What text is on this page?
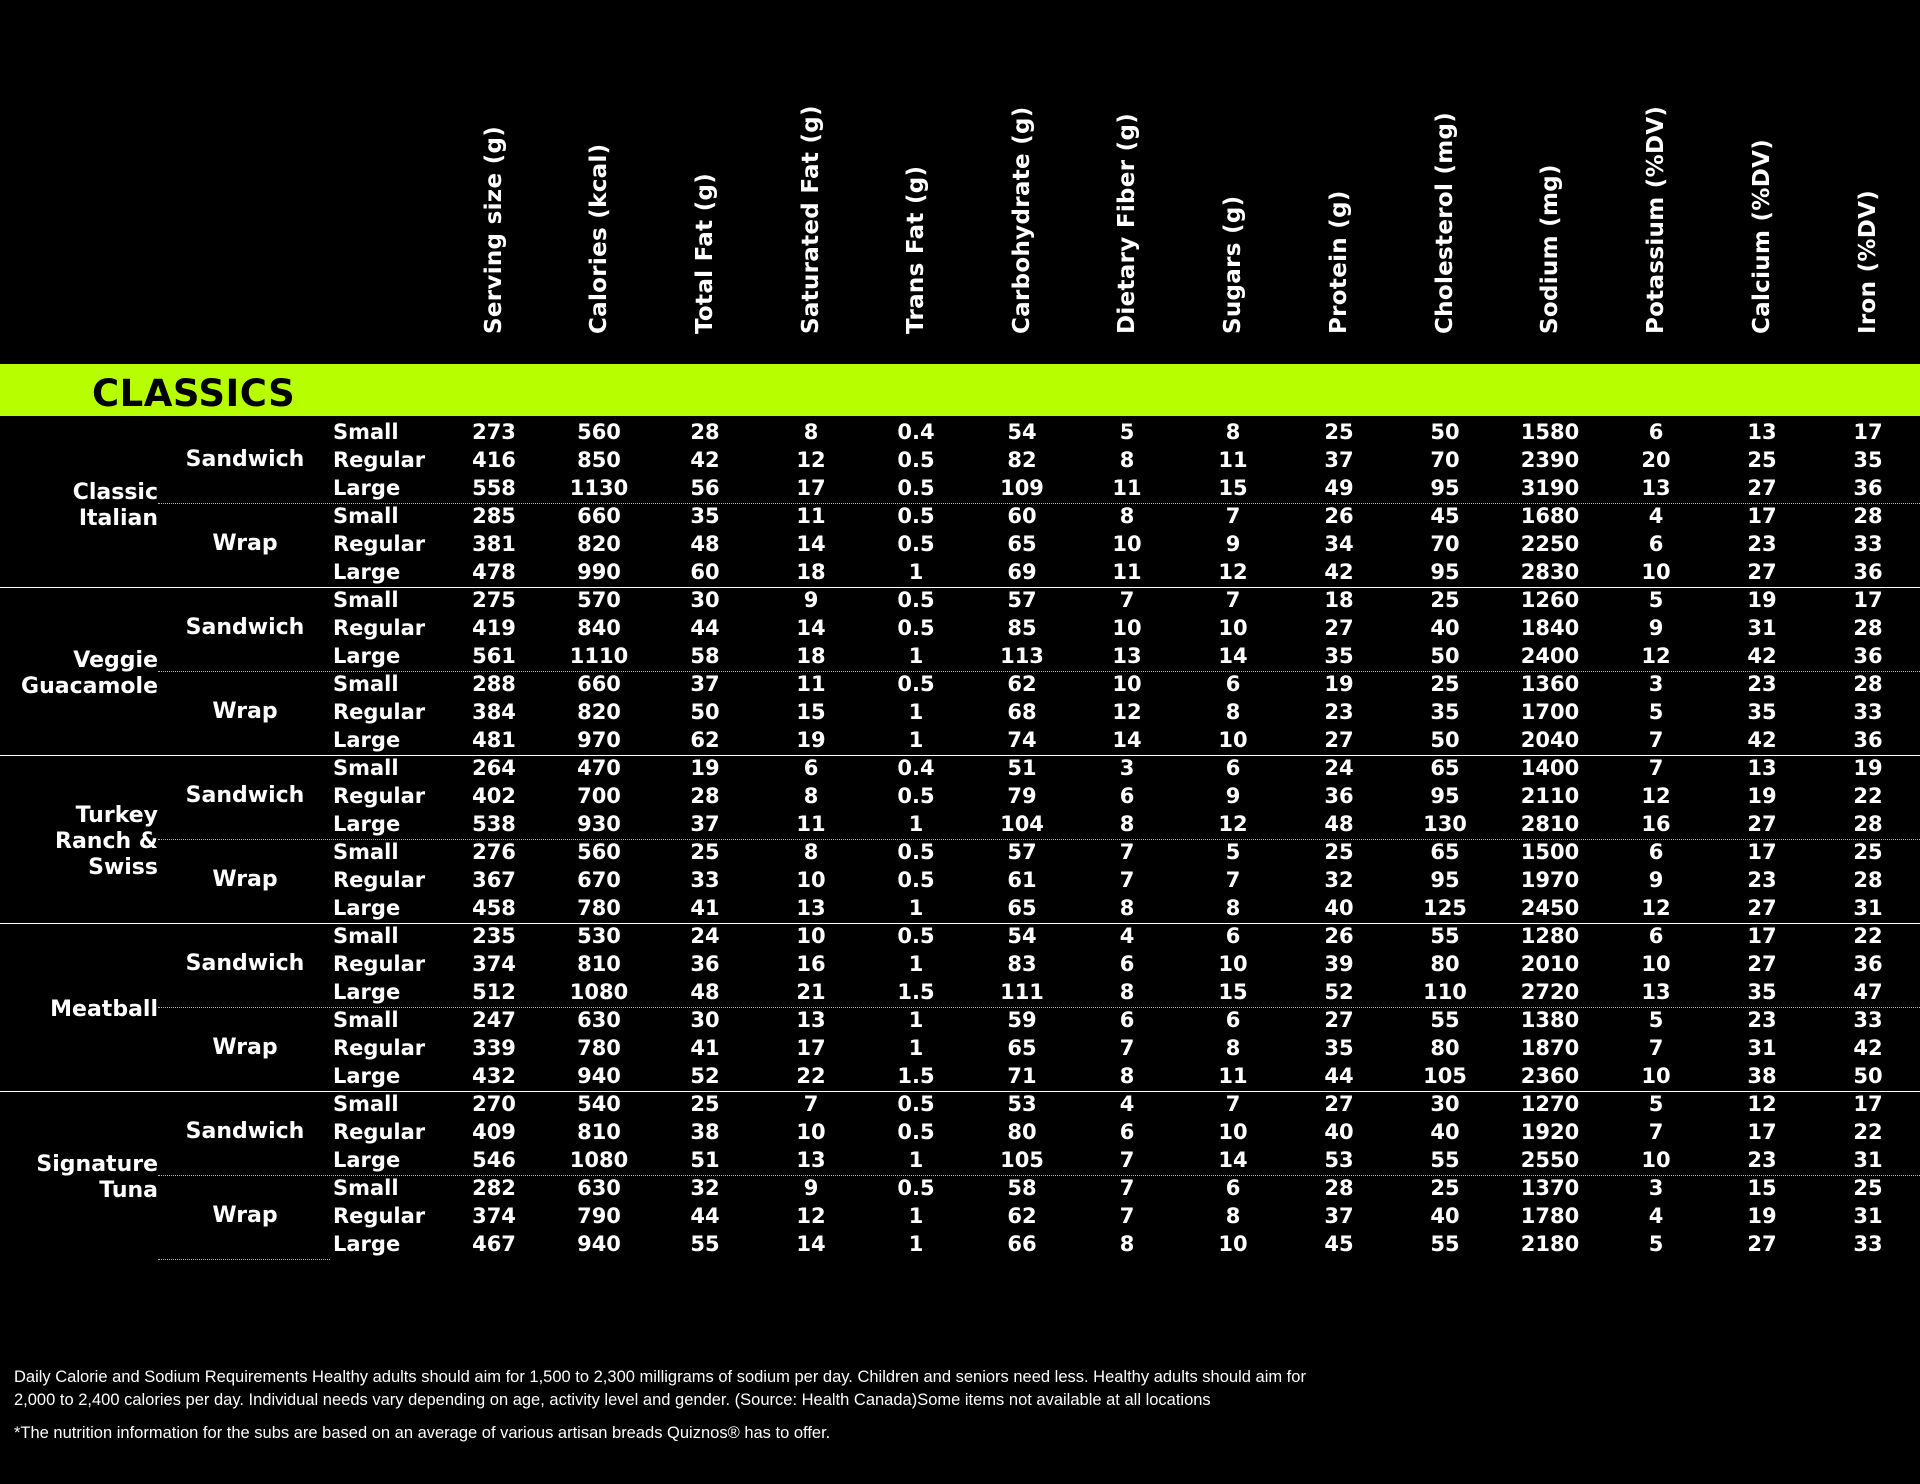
Serving size (g)	Calories (kcal)	Total Fat (g)	Saturated Fat (g)	Trans Fat (g)	Carbohydrate (g)	Dietary Fiber (g)	Sugars (g)	Protein (g)	Cholesterol (mg)	Sodium (mg)	Potassium (%DV)	Calcium (%DV)	Iron (%DV)
CLASSICS
Classic Italian
Sandwich
Small	273	560	28	8	0.4	54	5	8	25	50	1580	6	13	17
Regular	416	850	42	12	0.5	82	8	11	37	70	2390	20	25	35
Large	558	1130	56	17	0.5	109	11	15	49	95	3190	13	27	36
Wrap
Small	285	660	35	11	0.5	60	8	7	26	45	1680	4	17	28
Regular	381	820	48	14	0.5	65	10	9	34	70	2250	6	23	33
Large	478	990	60	18	1	69	11	12	42	95	2830	10	27	36
Veggie Guacamole
Sandwich
Small	275	570	30	9	0.5	57	7	7	18	25	1260	5	19	17
Regular	419	840	44	14	0.5	85	10	10	27	40	1840	9	31	28
Large	561	1110	58	18	1	113	13	14	35	50	2400	12	42	36
Wrap
Small	288	660	37	11	0.5	62	10	6	19	25	1360	3	23	28
Regular	384	820	50	15	1	68	12	8	23	35	1700	5	35	33
Large	481	970	62	19	1	74	14	10	27	50	2040	7	42	36
Turkey Ranch & Swiss
Sandwich
Small	264	470	19	6	0.4	51	3	6	24	65	1400	7	13	19
Regular	402	700	28	8	0.5	79	6	9	36	95	2110	12	19	22
Large	538	930	37	11	1	104	8	12	48	130	2810	16	27	28
Wrap
Small	276	560	25	8	0.5	57	7	5	25	65	1500	6	17	25
Regular	367	670	33	10	0.5	61	7	7	32	95	1970	9	23	28
Large	458	780	41	13	1	65	8	8	40	125	2450	12	27	31
Meatball
Sandwich
Small	235	530	24	10	0.5	54	4	6	26	55	1280	6	17	22
Regular	374	810	36	16	1	83	6	10	39	80	2010	10	27	36
Large	512	1080	48	21	1.5	111	8	15	52	110	2720	13	35	47
Wrap
Small	247	630	30	13	1	59	6	6	27	55	1380	5	23	33
Regular	339	780	41	17	1	65	7	8	35	80	1870	7	31	42
Large	432	940	52	22	1.5	71	8	11	44	105	2360	10	38	50
Signature Tuna
Sandwich
Small	270	540	25	7	0.5	53	4	7	27	30	1270	5	12	17
Regular	409	810	38	10	0.5	80	6	10	40	40	1920	7	17	22
Large	546	1080	51	13	1	105	7	14	53	55	2550	10	23	31
Wrap
Small	282	630	32	9	0.5	58	7	6	28	25	1370	3	15	25
Regular	374	790	44	12	1	62	7	8	37	40	1780	4	19	31
Large	467	940	55	14	1	66	8	10	45	55	2180	5	27	33

Daily Calorie and Sodium Requirements Healthy adults should aim for 1,500 to 2,300 milligrams of sodium per day. Children and seniors need less. Healthy adults should aim for 2,000 to 2,400 calories per day. Individual needs vary depending on age, activity level and gender. (Source: Health Canada)Some items not available at all locations

*The nutrition information for the subs are based on an average of various artisan breads Quiznos® has to offer.
